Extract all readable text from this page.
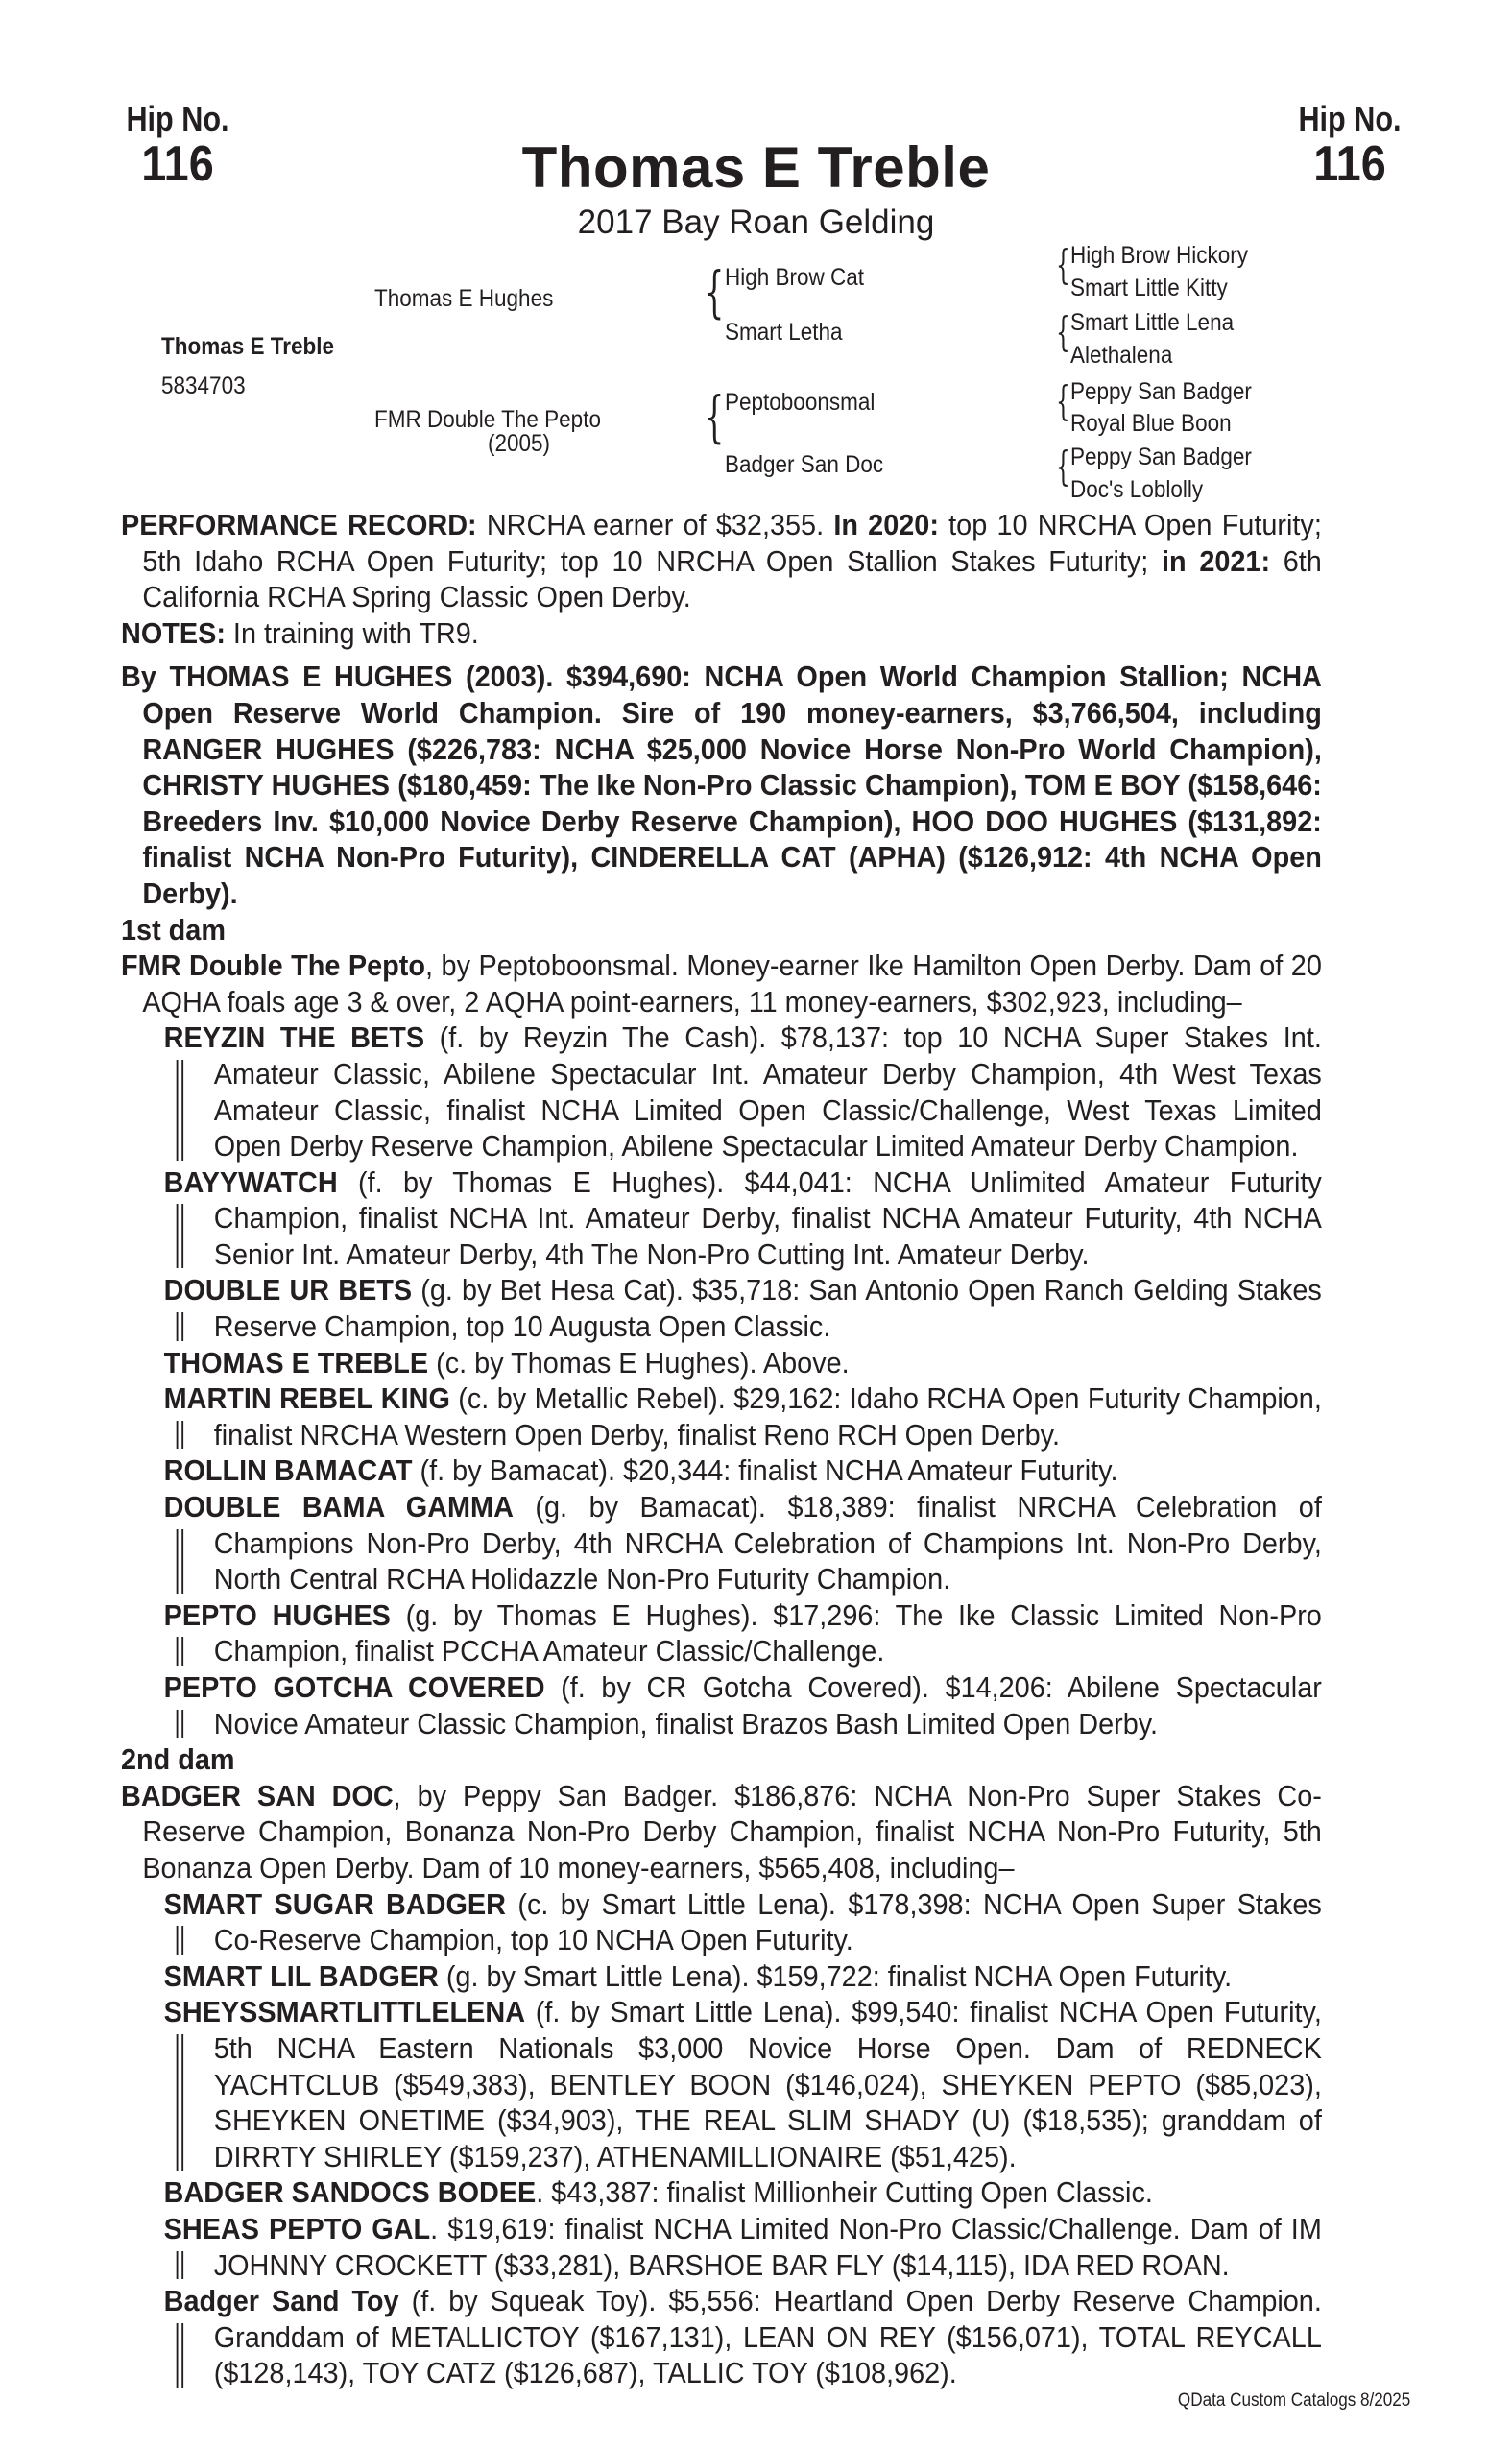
Hip No.
116
Hip No.
116
Thomas E Treble
2017 Bay Roan Gelding
Thomas E Treble
5834703
Thomas E Hughes
FMR Double The Pepto
(2005)
{ High Brow Cat
Smart Letha
{ Peptoboonsmal
Badger San Doc
{ High Brow Hickory
Smart Little Kitty
{ Smart Little Lena
Alethalena
{ Peppy San Badger
Royal Blue Boon
{ Peppy San Badger
Doc's Loblolly

PERFORMANCE RECORD: NRCHA earner of $32,355. In 2020: top 10 NRCHA Open Futurity; 5th Idaho RCHA Open Futurity; top 10 NRCHA Open Stallion Stakes Futurity; in 2021: 6th California RCHA Spring Classic Open Derby.

NOTES: In training with TR9.

By THOMAS E HUGHES (2003). $394,690: NCHA Open World Champion Stallion; NCHA Open Reserve World Champion. Sire of 190 money-earners, $3,766,504, including RANGER HUGHES ($226,783: NCHA $25,000 Novice Horse Non-Pro World Champion), CHRISTY HUGHES ($180,459: The Ike Non-Pro Classic Champion), TOM E BOY ($158,646: Breeders Inv. $10,000 Novice Derby Reserve Champion), HOO DOO HUGHES ($131,892: finalist NCHA Non-Pro Futurity), CINDERELLA CAT (APHA) ($126,912: 4th NCHA Open Derby).

1st dam

FMR Double The Pepto, by Peptoboonsmal. Money-earner Ike Hamilton Open Derby. Dam of 20 AQHA foals age 3 & over, 2 AQHA point-earners, 11 money-earners, $302,923, including–

REYZIN THE BETS (f. by Reyzin The Cash). $78,137: top 10 NCHA Super Stakes Int. Amateur Classic, Abilene Spectacular Int. Amateur Derby Champion, 4th West Texas Amateur Classic, finalist NCHA Limited Open Classic/Challenge, West Texas Limited Open Derby Reserve Champion, Abilene Spectacular Limited Amateur Derby Champion.

BAYYWATCH (f. by Thomas E Hughes). $44,041: NCHA Unlimited Amateur Futurity Champion, finalist NCHA Int. Amateur Derby, finalist NCHA Amateur Futurity, 4th NCHA Senior Int. Amateur Derby, 4th The Non-Pro Cutting Int. Amateur Derby.

DOUBLE UR BETS (g. by Bet Hesa Cat). $35,718: San Antonio Open Ranch Gelding Stakes Reserve Champion, top 10 Augusta Open Classic.

THOMAS E TREBLE (c. by Thomas E Hughes). Above.

MARTIN REBEL KING (c. by Metallic Rebel). $29,162: Idaho RCHA Open Futurity Champion, finalist NRCHA Western Open Derby, finalist Reno RCH Open Derby.

ROLLIN BAMACAT (f. by Bamacat). $20,344: finalist NCHA Amateur Futurity.

DOUBLE BAMA GAMMA (g. by Bamacat). $18,389: finalist NRCHA Celebration of Champions Non-Pro Derby, 4th NRCHA Celebration of Champions Int. Non-Pro Derby, North Central RCHA Holidazzle Non-Pro Futurity Champion.

PEPTO HUGHES (g. by Thomas E Hughes). $17,296: The Ike Classic Limited Non-Pro Champion, finalist PCCHA Amateur Classic/Challenge.

PEPTO GOTCHA COVERED (f. by CR Gotcha Covered). $14,206: Abilene Spectacular Novice Amateur Classic Champion, finalist Brazos Bash Limited Open Derby.

2nd dam

BADGER SAN DOC, by Peppy San Badger. $186,876: NCHA Non-Pro Super Stakes Co-Reserve Champion, Bonanza Non-Pro Derby Champion, finalist NCHA Non-Pro Futurity, 5th Bonanza Open Derby. Dam of 10 money-earners, $565,408, including–

SMART SUGAR BADGER (c. by Smart Little Lena). $178,398: NCHA Open Super Stakes Co-Reserve Champion, top 10 NCHA Open Futurity.

SMART LIL BADGER (g. by Smart Little Lena). $159,722: finalist NCHA Open Futurity.

SHEYSSMARTLITTLELENA (f. by Smart Little Lena). $99,540: finalist NCHA Open Futurity, 5th NCHA Eastern Nationals $3,000 Novice Horse Open. Dam of REDNECK YACHTCLUB ($549,383), BENTLEY BOON ($146,024), SHEYKEN PEPTO ($85,023), SHEYKEN ONETIME ($34,903), THE REAL SLIM SHADY (U) ($18,535); granddam of DIRRTY SHIRLEY ($159,237), ATHENAMILLIONAIRE ($51,425).

BADGER SANDOCS BODEE. $43,387: finalist Millionheir Cutting Open Classic.

SHEAS PEPTO GAL. $19,619: finalist NCHA Limited Non-Pro Classic/Challenge. Dam of IM JOHNNY CROCKETT ($33,281), BARSHOE BAR FLY ($14,115), IDA RED ROAN.

Badger Sand Toy (f. by Squeak Toy). $5,556: Heartland Open Derby Reserve Champion. Granddam of METALLICTOY ($167,131), LEAN ON REY ($156,071), TOTAL REYCALL ($128,143), TOY CATZ ($126,687), TALLIC TOY ($108,962).

QData Custom Catalogs 8/2025
